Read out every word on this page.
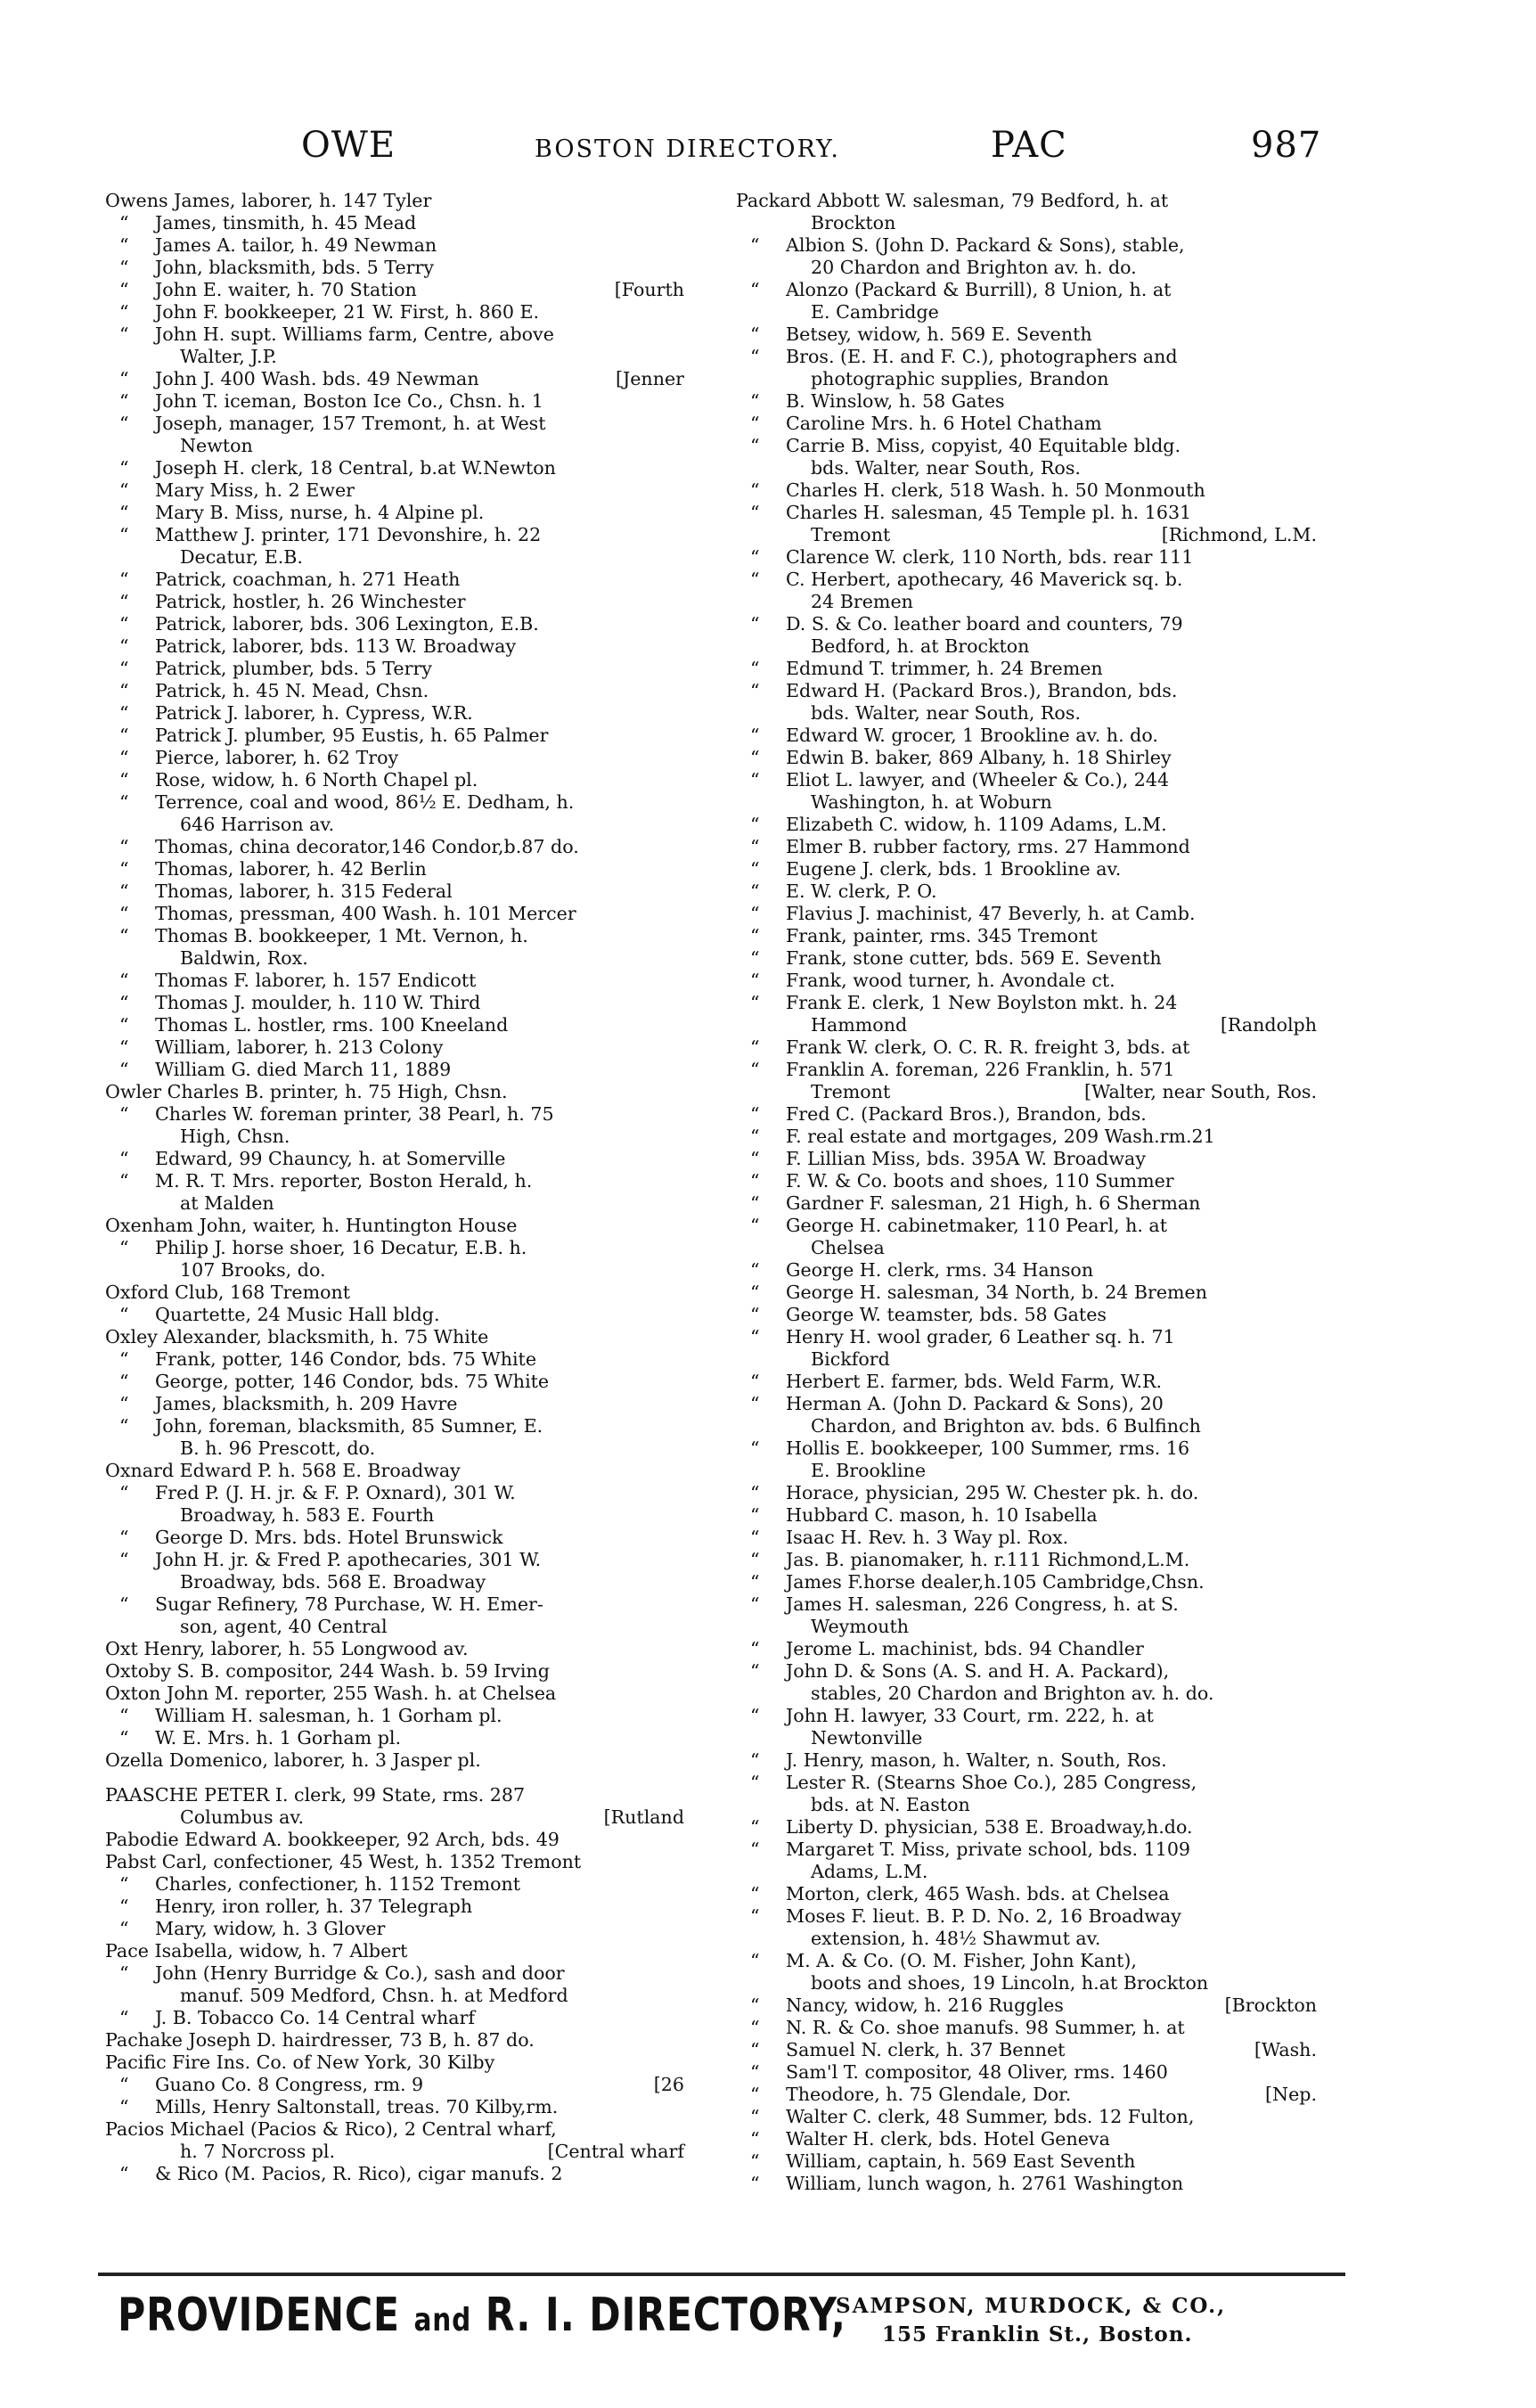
OWE	BOSTON DIRECTORY.	PAC	987
Owens James, laborer, h. 147 Tyler
“ James, tinsmith, h. 45 Mead
“ James A. tailor, h. 49 Newman
“ John, blacksmith, bds. 5 Terry
“ John E. waiter, h. 70 Station	[Fourth
“ John F. bookkeeper, 21 W. First, h. 860 E.
“ John H. supt. Williams farm, Centre, above
Walter, J.P.
“ John J. 400 Wash. bds. 49 Newman	[Jenner
“ John T. iceman, Boston Ice Co., Chsn. h. 1
“ Joseph, manager, 157 Tremont, h. at West
Newton
“ Joseph H. clerk, 18 Central, b.at W.Newton
“ Mary Miss, h. 2 Ewer
“ Mary B. Miss, nurse, h. 4 Alpine pl.
“ Matthew J. printer, 171 Devonshire, h. 22
Decatur, E.B.
“ Patrick, coachman, h. 271 Heath
“ Patrick, hostler, h. 26 Winchester
“ Patrick, laborer, bds. 306 Lexington, E.B.
“ Patrick, laborer, bds. 113 W. Broadway
“ Patrick, plumber, bds. 5 Terry
“ Patrick, h. 45 N. Mead, Chsn.
“ Patrick J. laborer, h. Cypress, W.R.
“ Patrick J. plumber, 95 Eustis, h. 65 Palmer
“ Pierce, laborer, h. 62 Troy
“ Rose, widow, h. 6 North Chapel pl.
“ Terrence, coal and wood, 86½ E. Dedham, h.
646 Harrison av.
“ Thomas, china decorator,146 Condor,b.87 do.
“ Thomas, laborer, h. 42 Berlin
“ Thomas, laborer, h. 315 Federal
“ Thomas, pressman, 400 Wash. h. 101 Mercer
“ Thomas B. bookkeeper, 1 Mt. Vernon, h.
Baldwin, Rox.
“ Thomas F. laborer, h. 157 Endicott
“ Thomas J. moulder, h. 110 W. Third
“ Thomas L. hostler, rms. 100 Kneeland
“ William, laborer, h. 213 Colony
“ William G. died March 11, 1889
Owler Charles B. printer, h. 75 High, Chsn.
“ Charles W. foreman printer, 38 Pearl, h. 75
High, Chsn.
“ Edward, 99 Chauncy, h. at Somerville
“ M. R. T. Mrs. reporter, Boston Herald, h.
at Malden
Oxenham John, waiter, h. Huntington House
“ Philip J. horse shoer, 16 Decatur, E.B. h.
107 Brooks, do.
Oxford Club, 168 Tremont
“ Quartette, 24 Music Hall bldg.
Oxley Alexander, blacksmith, h. 75 White
“ Frank, potter, 146 Condor, bds. 75 White
“ George, potter, 146 Condor, bds. 75 White
“ James, blacksmith, h. 209 Havre
“ John, foreman, blacksmith, 85 Sumner, E.
B. h. 96 Prescott, do.
Oxnard Edward P. h. 568 E. Broadway
“ Fred P. (J. H. jr. & F. P. Oxnard), 301 W.
Broadway, h. 583 E. Fourth
“ George D. Mrs. bds. Hotel Brunswick
“ John H. jr. & Fred P. apothecaries, 301 W.
Broadway, bds. 568 E. Broadway
“ Sugar Refinery, 78 Purchase, W. H. Emer-
son, agent, 40 Central
Oxt Henry, laborer, h. 55 Longwood av.
Oxtoby S. B. compositor, 244 Wash. b. 59 Irving
Oxton John M. reporter, 255 Wash. h. at Chelsea
“ William H. salesman, h. 1 Gorham pl.
“ W. E. Mrs. h. 1 Gorham pl.
Ozella Domenico, laborer, h. 3 Jasper pl.
PAASCHE PETER I. clerk, 99 State, rms. 287
Columbus av.	[Rutland
Pabodie Edward A. bookkeeper, 92 Arch, bds. 49
Pabst Carl, confectioner, 45 West, h. 1352 Tremont
“ Charles, confectioner, h. 1152 Tremont
“ Henry, iron roller, h. 37 Telegraph
“ Mary, widow, h. 3 Glover
Pace Isabella, widow, h. 7 Albert
“ John (Henry Burridge & Co.), sash and door
manuf. 509 Medford, Chsn. h. at Medford
“ J. B. Tobacco Co. 14 Central wharf
Pachake Joseph D. hairdresser, 73 B, h. 87 do.
Pacific Fire Ins. Co. of New York, 30 Kilby
“ Guano Co. 8 Congress, rm. 9	[26
“ Mills, Henry Saltonstall, treas. 70 Kilby,rm.
Pacios Michael (Pacios & Rico), 2 Central wharf,
h. 7 Norcross pl.	[Central wharf
“ & Rico (M. Pacios, R. Rico), cigar manufs. 2
Packard Abbott W. salesman, 79 Bedford, h. at
Brockton
“ Albion S. (John D. Packard & Sons), stable,
20 Chardon and Brighton av. h. do.
“ Alonzo (Packard & Burrill), 8 Union, h. at
E. Cambridge
“ Betsey, widow, h. 569 E. Seventh
“ Bros. (E. H. and F. C.), photographers and
photographic supplies, Brandon
“ B. Winslow, h. 58 Gates
“ Caroline Mrs. h. 6 Hotel Chatham
“ Carrie B. Miss, copyist, 40 Equitable bldg.
bds. Walter, near South, Ros.
“ Charles H. clerk, 518 Wash. h. 50 Monmouth
“ Charles H. salesman, 45 Temple pl. h. 1631
Tremont	[Richmond, L.M.
“ Clarence W. clerk, 110 North, bds. rear 111
“ C. Herbert, apothecary, 46 Maverick sq. b.
24 Bremen
“ D. S. & Co. leather board and counters, 79
Bedford, h. at Brockton
“ Edmund T. trimmer, h. 24 Bremen
“ Edward H. (Packard Bros.), Brandon, bds.
bds. Walter, near South, Ros.
“ Edward W. grocer, 1 Brookline av. h. do.
“ Edwin B. baker, 869 Albany, h. 18 Shirley
“ Eliot L. lawyer, and (Wheeler & Co.), 244
Washington, h. at Woburn
“ Elizabeth C. widow, h. 1109 Adams, L.M.
“ Elmer B. rubber factory, rms. 27 Hammond
“ Eugene J. clerk, bds. 1 Brookline av.
“ E. W. clerk, P. O.
“ Flavius J. machinist, 47 Beverly, h. at Camb.
“ Frank, painter, rms. 345 Tremont
“ Frank, stone cutter, bds. 569 E. Seventh
“ Frank, wood turner, h. Avondale ct.
“ Frank E. clerk, 1 New Boylston mkt. h. 24
Hammond	[Randolph
“ Frank W. clerk, O. C. R. R. freight 3, bds. at
“ Franklin A. foreman, 226 Franklin, h. 571
Tremont	[Walter, near South, Ros.
“ Fred C. (Packard Bros.), Brandon, bds.
“ F. real estate and mortgages, 209 Wash.rm.21
“ F. Lillian Miss, bds. 395A W. Broadway
“ F. W. & Co. boots and shoes, 110 Summer
“ Gardner F. salesman, 21 High, h. 6 Sherman
“ George H. cabinetmaker, 110 Pearl, h. at
Chelsea
“ George H. clerk, rms. 34 Hanson
“ George H. salesman, 34 North, b. 24 Bremen
“ George W. teamster, bds. 58 Gates
“ Henry H. wool grader, 6 Leather sq. h. 71
Bickford
“ Herbert E. farmer, bds. Weld Farm, W.R.
“ Herman A. (John D. Packard & Sons), 20
Chardon, and Brighton av. bds. 6 Bulfinch
“ Hollis E. bookkeeper, 100 Summer, rms. 16
E. Brookline
“ Horace, physician, 295 W. Chester pk. h. do.
“ Hubbard C. mason, h. 10 Isabella
“ Isaac H. Rev. h. 3 Way pl. Rox.
“ Jas. B. pianomaker, h. r.111 Richmond,L.M.
“ James F.horse dealer,h.105 Cambridge,Chsn.
“ James H. salesman, 226 Congress, h. at S.
Weymouth
“ Jerome L. machinist, bds. 94 Chandler
“ John D. & Sons (A. S. and H. A. Packard),
stables, 20 Chardon and Brighton av. h. do.
“ John H. lawyer, 33 Court, rm. 222, h. at
Newtonville
“ J. Henry, mason, h. Walter, n. South, Ros.
“ Lester R. (Stearns Shoe Co.), 285 Congress,
bds. at N. Easton
“ Liberty D. physician, 538 E. Broadway,h.do.
“ Margaret T. Miss, private school, bds. 1109
Adams, L.M.
“ Morton, clerk, 465 Wash. bds. at Chelsea
“ Moses F. lieut. B. P. D. No. 2, 16 Broadway
extension, h. 48½ Shawmut av.
“ M. A. & Co. (O. M. Fisher, John Kant),
boots and shoes, 19 Lincoln, h.at Brockton
“ Nancy, widow, h. 216 Ruggles	[Brockton
“ N. R. & Co. shoe manufs. 98 Summer, h. at
“ Samuel N. clerk, h. 37 Bennet	[Wash.
“ Sam'l T. compositor, 48 Oliver, rms. 1460
“ Theodore, h. 75 Glendale, Dor.	[Nep.
“ Walter C. clerk, 48 Summer, bds. 12 Fulton,
“ Walter H. clerk, bds. Hotel Geneva
“ William, captain, h. 569 East Seventh
“ William, lunch wagon, h. 2761 Washington
PROVIDENCE and R. I. DIRECTORY,
SAMPSON, MURDOCK, & CO.,
155 Franklin St., Boston.
